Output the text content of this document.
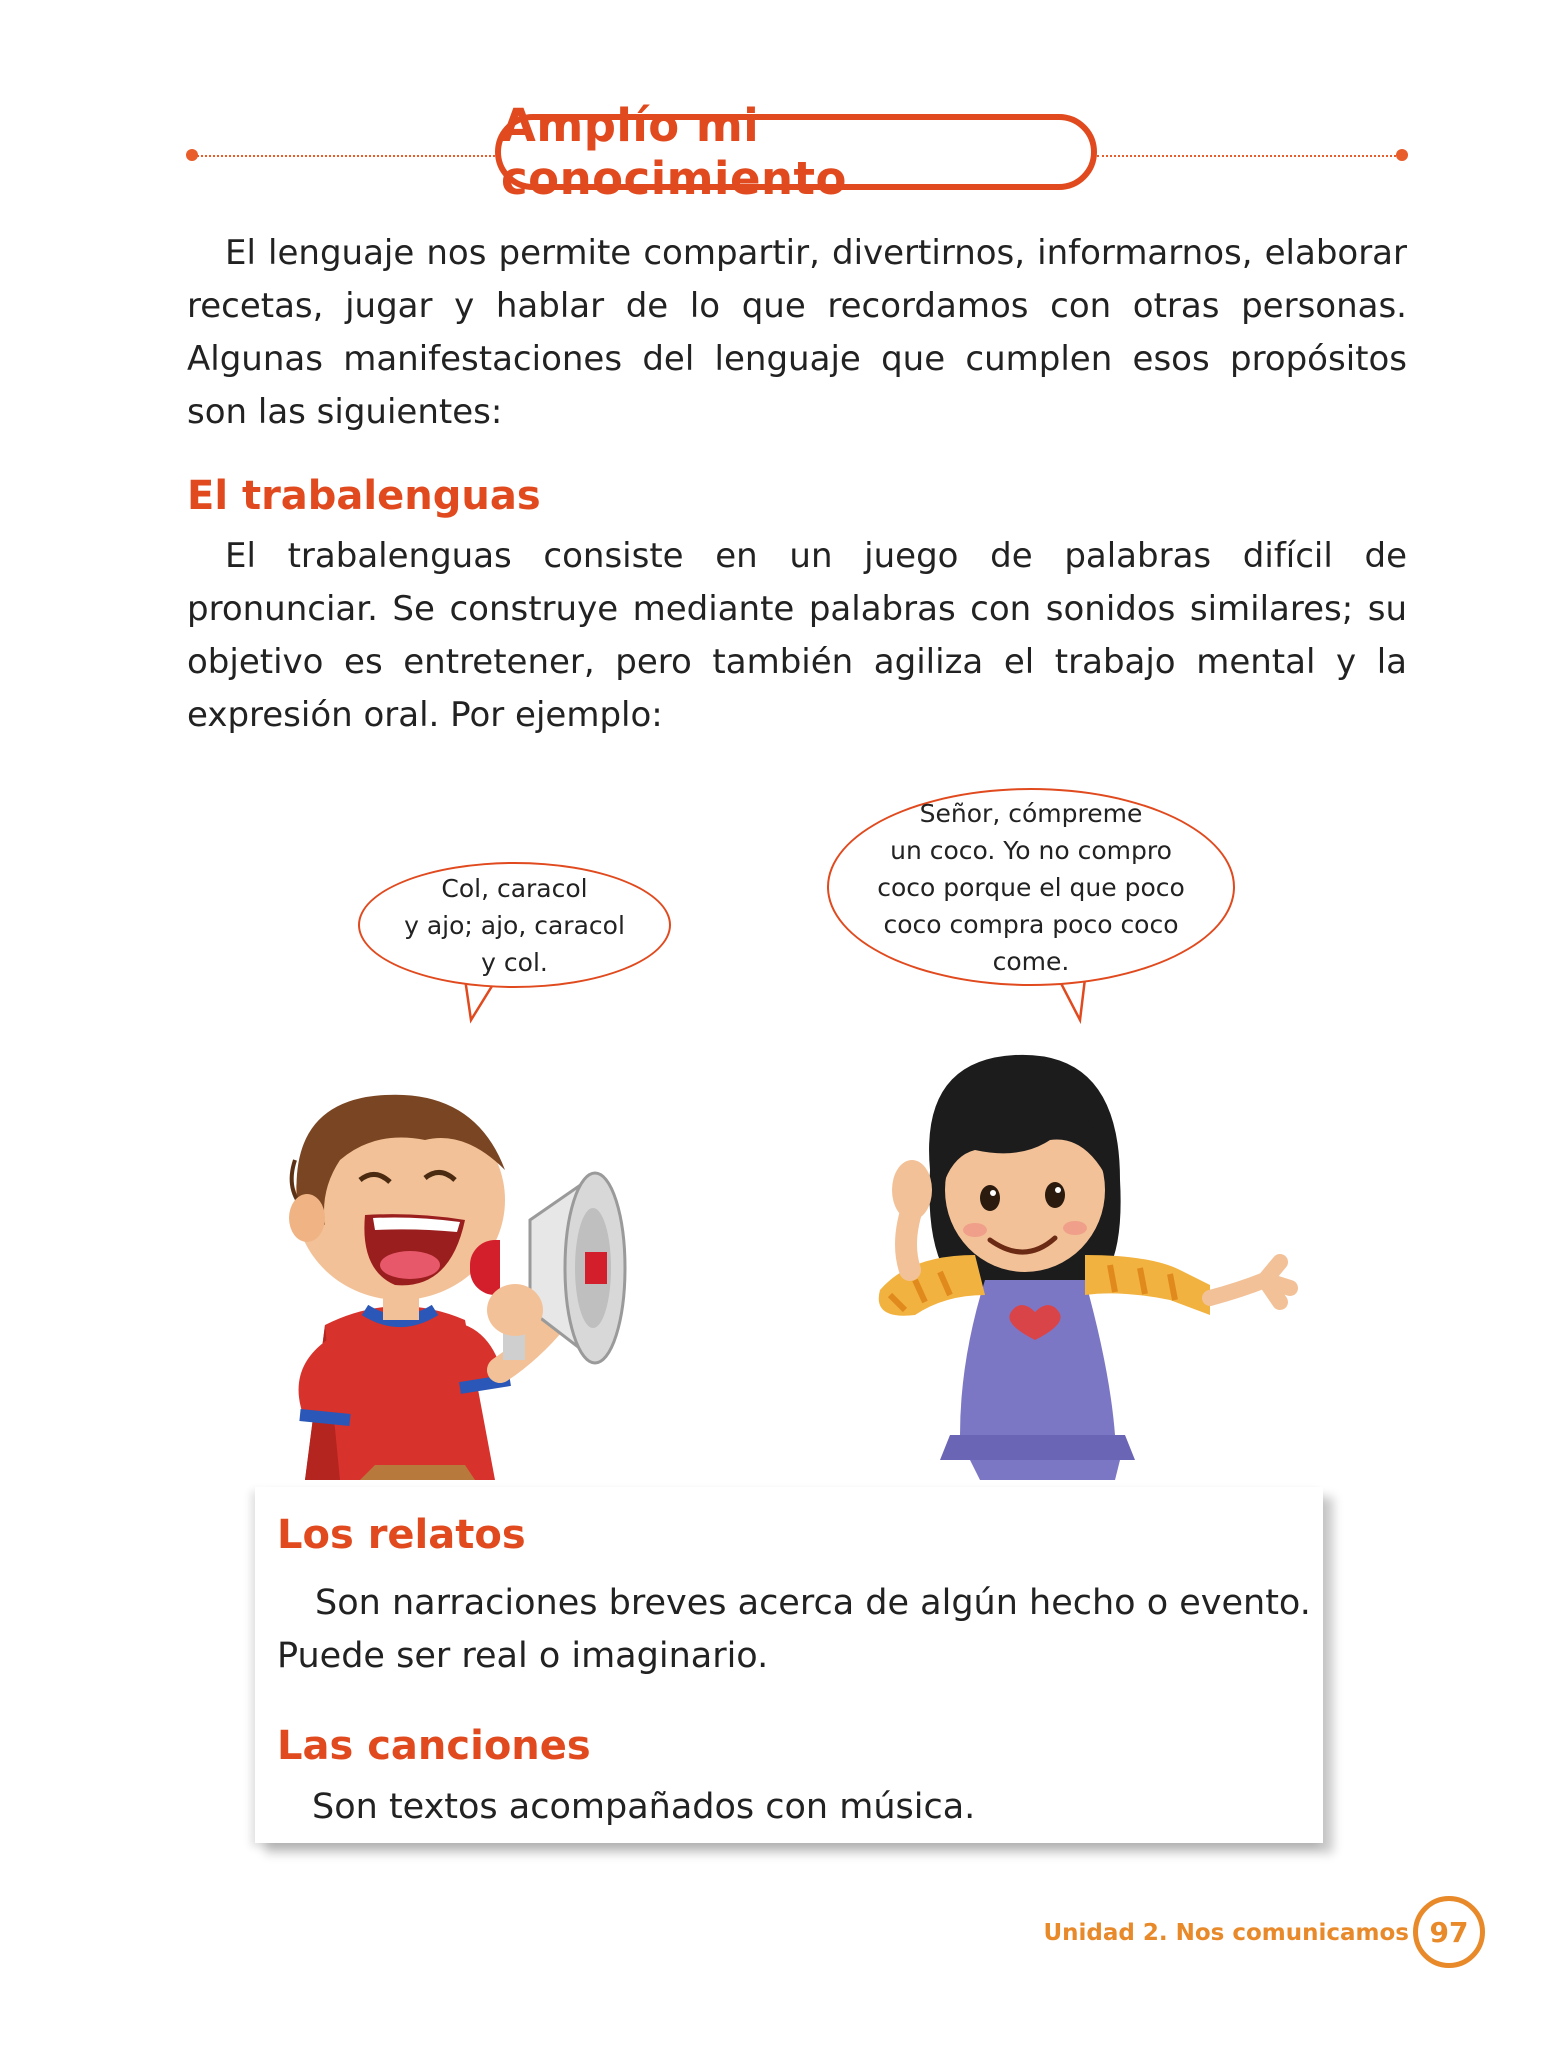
Amplío mi conocimiento

El lenguaje nos permite compartir, divertirnos, informarnos, elaborar recetas, jugar y hablar de lo que recordamos con otras personas. Algunas manifestaciones del lenguaje que cumplen esos propósitos son las siguientes:

El trabalenguas

El trabalenguas consiste en un juego de palabras difícil de pronunciar. Se construye mediante palabras con sonidos similares; su objetivo es entretener, pero también agiliza el trabajo mental y la expresión oral. Por ejemplo:

Col, caracol
y ajo; ajo, caracol
y col.
Señor, cómpreme
un coco. Yo no compro
coco porque el que poco
coco compra poco coco
come.

Los relatos

Son narraciones breves acerca de algún hecho o evento.

Puede ser real o imaginario.

Las canciones

Son textos acompañados con música.

Unidad 2. Nos comunicamos 97
